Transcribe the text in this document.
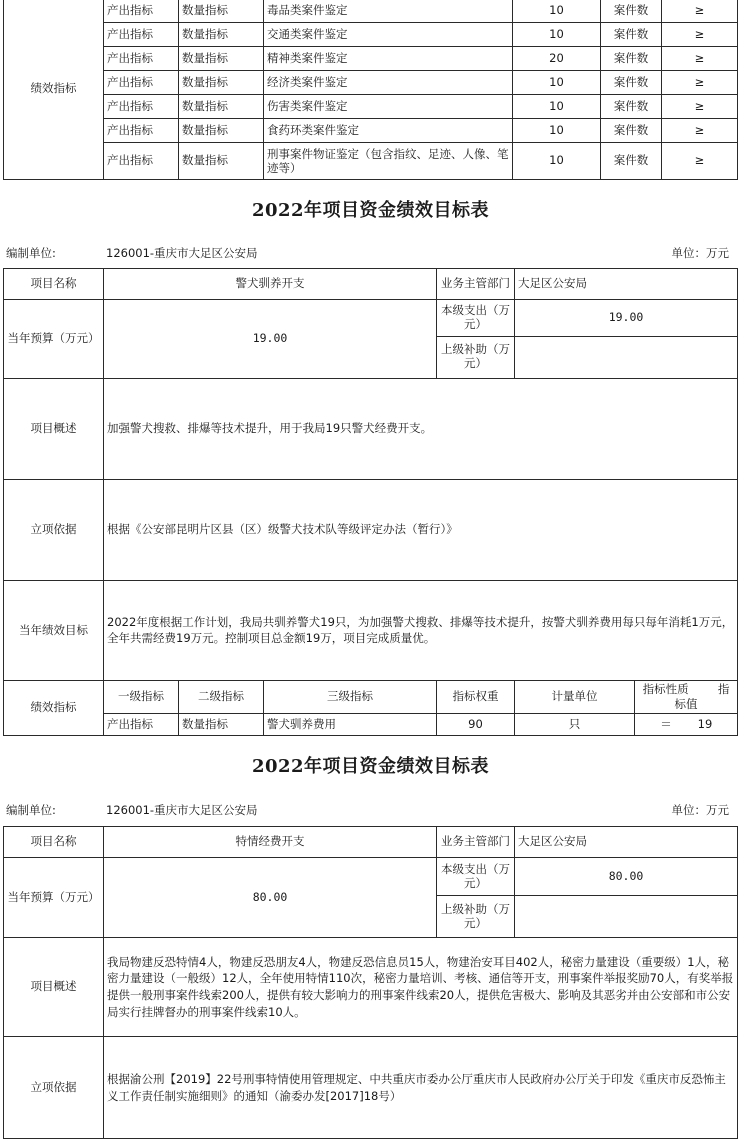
绩效指标	产出指标	数量指标	毒品类案件鉴定	10	案件数	≥	
	产出指标	数量指标	交通类案件鉴定	10	案件数	≥	
	产出指标	数量指标	精神类案件鉴定	20	案件数	≥	
	产出指标	数量指标	经济类案件鉴定	10	案件数	≥	
	产出指标	数量指标	伤害类案件鉴定	10	案件数	≥	
	产出指标	数量指标	食药环类案件鉴定	10	案件数	≥	
	产出指标	数量指标	刑事案件物证鉴定（包含指纹、足迹、人像、笔迹等）	10	案件数	≥	
2022年项目资金绩效目标表
编制单位:	126001-重庆市大足区公安局	单位：万元
项目名称	警犬驯养开支			业务主管部门	大足区公安局	
当年预算（万元）	19.00			本级支出（万元）	19.00	
				上级补助（万元）		
项目概述	加强警犬搜救、排爆等技术提升，用于我局19只警犬经费开支。					
立项依据	根据《公安部昆明片区县（区）级警犬技术队等级评定办法（暂行）》					
当年绩效目标	2022年度根据工作计划，我局共驯养警犬19只，为加强警犬搜救、排爆等技术提升，按警犬驯养费用每只每年消耗1万元，全年共需经费19万元。控制项目总金额19万，项目完成质量优。					
绩效指标	一级指标	二级指标	三级指标	指标权重	计量单位	指标性质 指标值
	产出指标	数量指标	警犬驯养费用	90	只	＝ 19
2022年项目资金绩效目标表
编制单位:	126001-重庆市大足区公安局	单位：万元
项目名称	特情经费开支	业务主管部门	大足区公安局
当年预算（万元）	80.00	本级支出（万元）	80.00
		上级补助（万元）	
项目概述	我局物建反恐特情4人，物建反恐朋友4人，物建反恐信息员15人，物建治安耳目402人，秘密力量建设（重要级）1人，秘密力量建设（一般级）12人，全年使用特情110次，秘密力量培训、考核、通信等开支，刑事案件举报奖励70人，有奖举报提供一般刑事案件线索200人，提供有较大影响力的刑事案件线索20人，提供危害极大、影响及其恶劣并由公安部和市公安局实行挂牌督办的刑事案件线索10人。		
立项依据	根据渝公刑【2019】22号刑事特情使用管理规定、中共重庆市委办公厅重庆市人民政府办公厅关于印发《重庆市反恐怖主义工作责任制实施细则》的通知（渝委办发[2017]18号）		
